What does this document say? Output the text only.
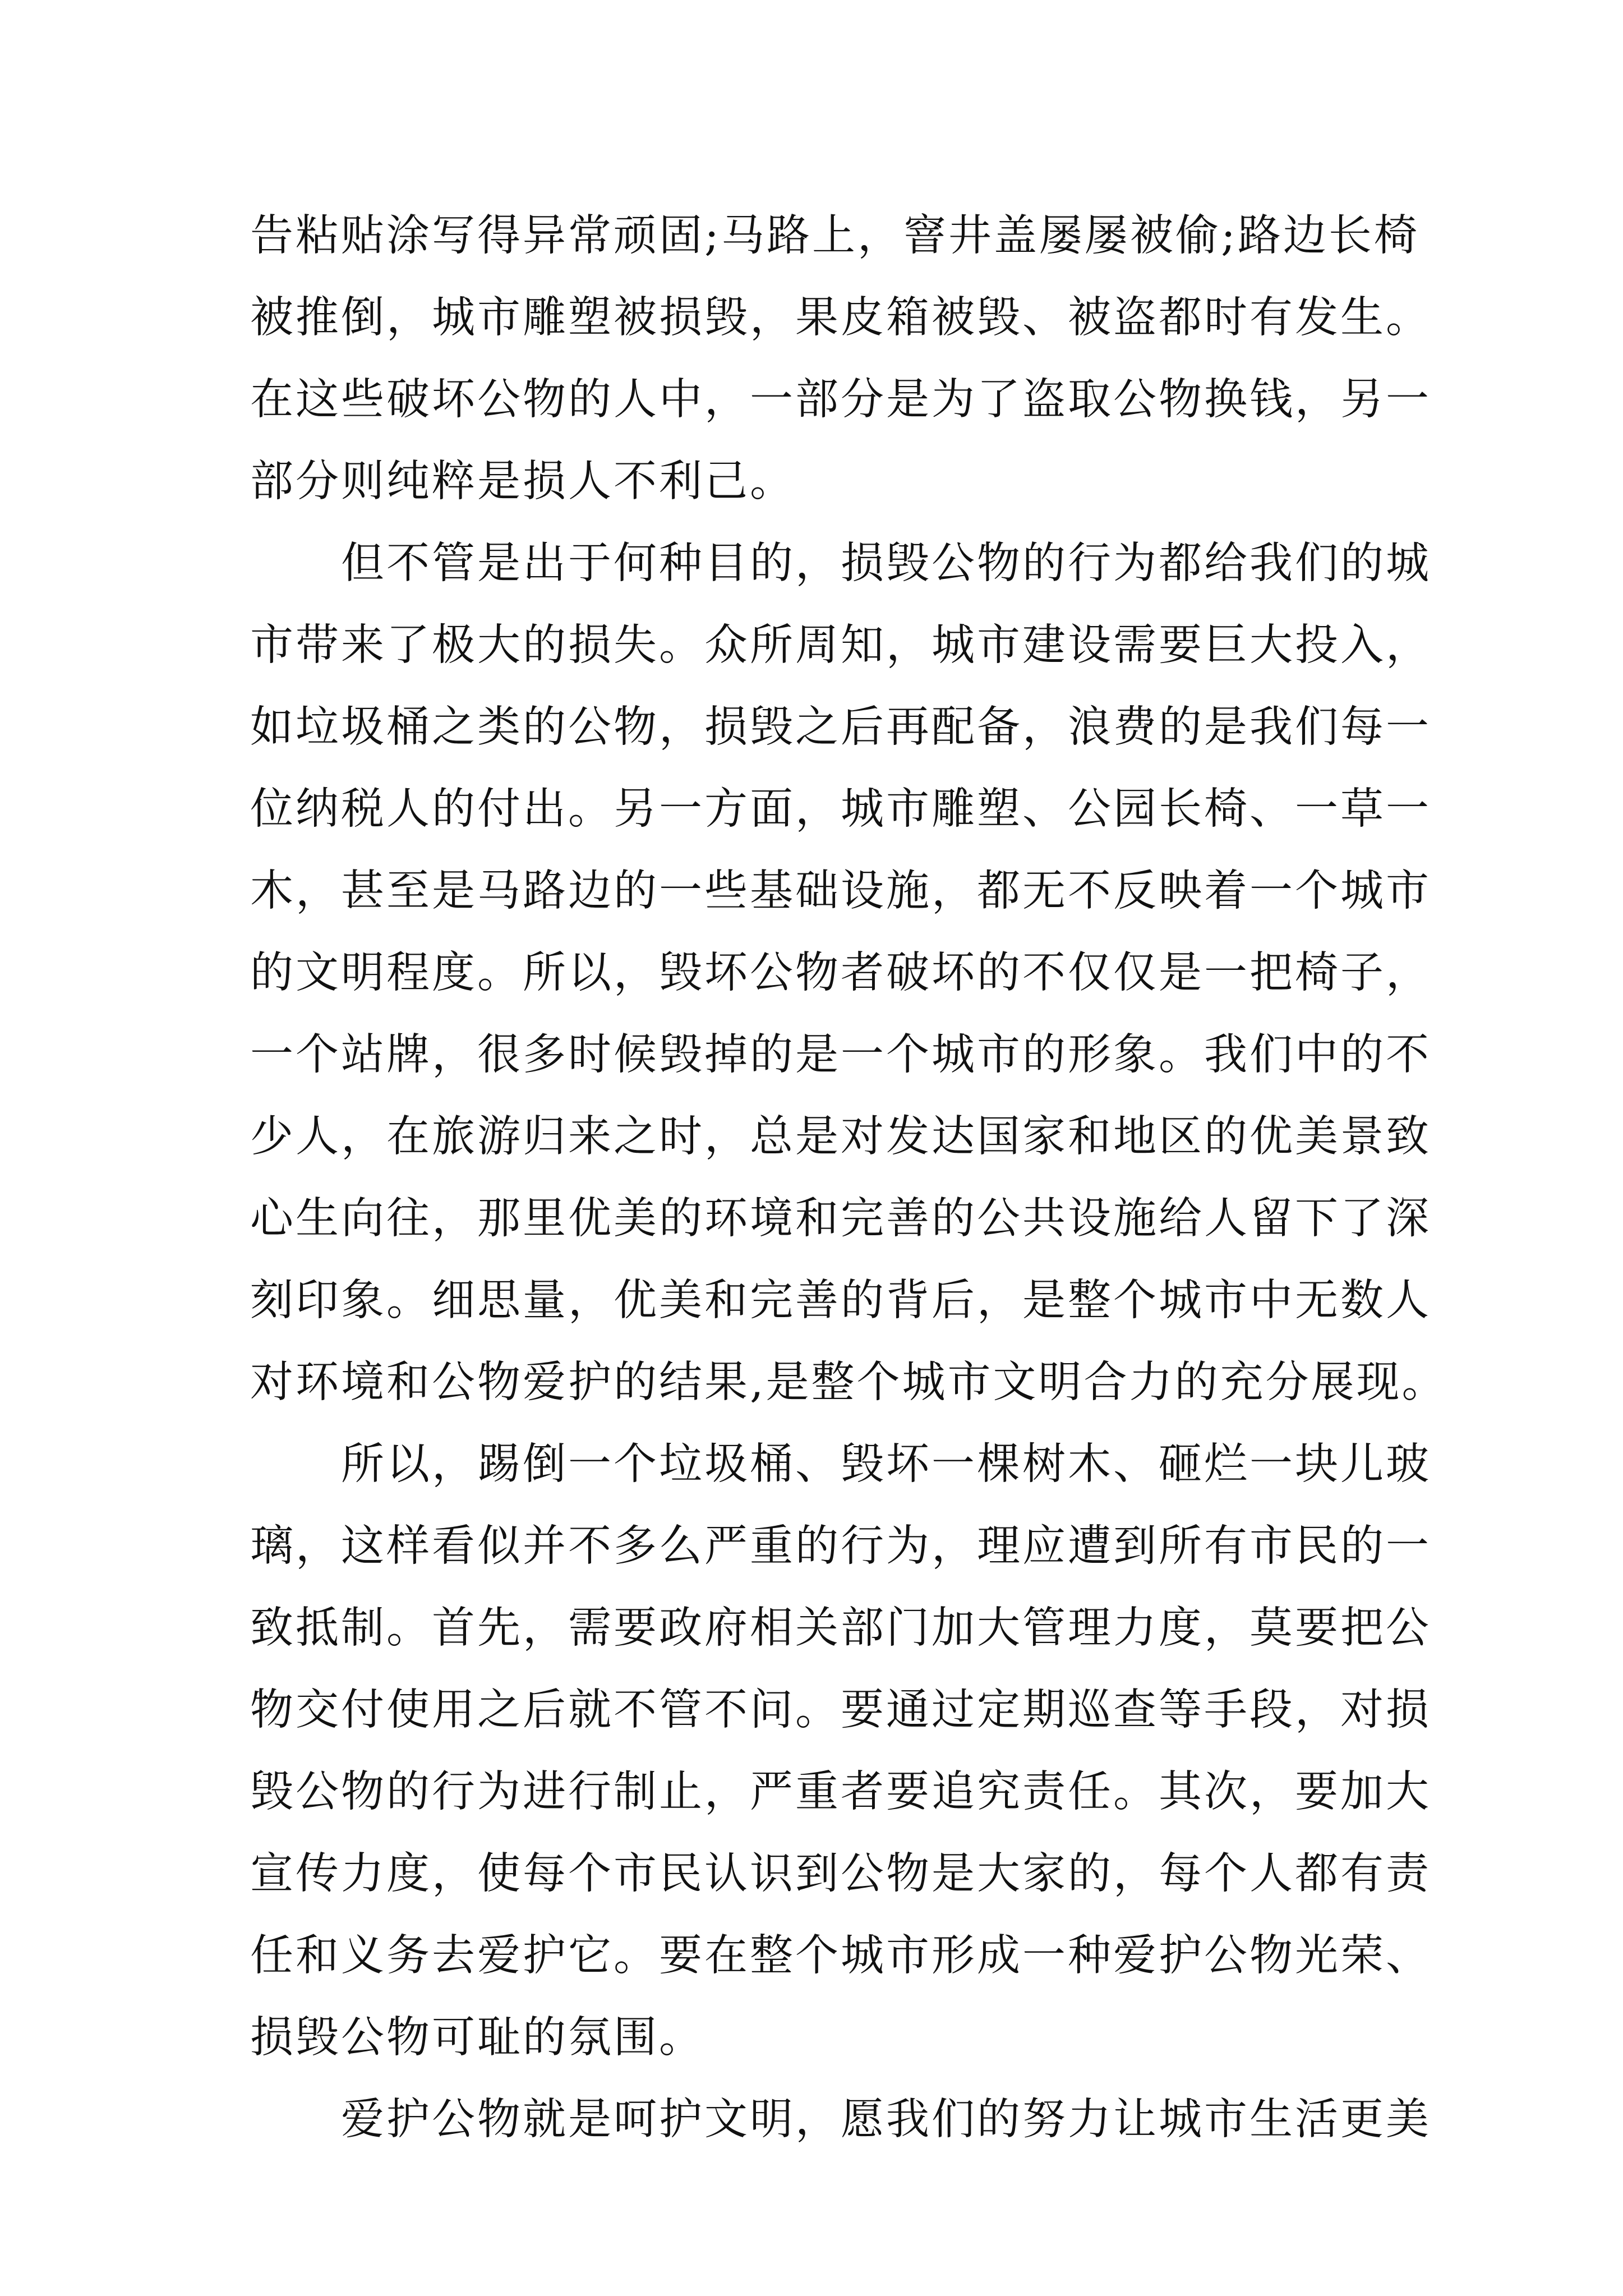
告粘贴涂写得异常顽固;马路上，窨井盖屡屡被偷;路边长椅
被推倒，城市雕塑被损毁，果皮箱被毁、被盗都时有发生。
在这些破坏公物的人中，一部分是为了盗取公物换钱，另一
部分则纯粹是损人不利己。
　　但不管是出于何种目的，损毁公物的行为都给我们的城
市带来了极大的损失。众所周知，城市建设需要巨大投入，
如垃圾桶之类的公物，损毁之后再配备，浪费的是我们每一
位纳税人的付出。另一方面，城市雕塑、公园长椅、一草一
木，甚至是马路边的一些基础设施，都无不反映着一个城市
的文明程度。所以，毁坏公物者破坏的不仅仅是一把椅子，
一个站牌，很多时候毁掉的是一个城市的形象。我们中的不
少人，在旅游归来之时，总是对发达国家和地区的优美景致
心生向往，那里优美的环境和完善的公共设施给人留下了深
刻印象。细思量，优美和完善的背后，是整个城市中无数人
对环境和公物爱护的结果,是整个城市文明合力的充分展现。
　　所以，踢倒一个垃圾桶、毁坏一棵树木、砸烂一块儿玻
璃，这样看似并不多么严重的行为，理应遭到所有市民的一
致抵制。首先，需要政府相关部门加大管理力度，莫要把公
物交付使用之后就不管不问。要通过定期巡查等手段，对损
毁公物的行为进行制止，严重者要追究责任。其次，要加大
宣传力度，使每个市民认识到公物是大家的，每个人都有责
任和义务去爱护它。要在整个城市形成一种爱护公物光荣、
损毁公物可耻的氛围。
　　爱护公物就是呵护文明，愿我们的努力让城市生活更美
